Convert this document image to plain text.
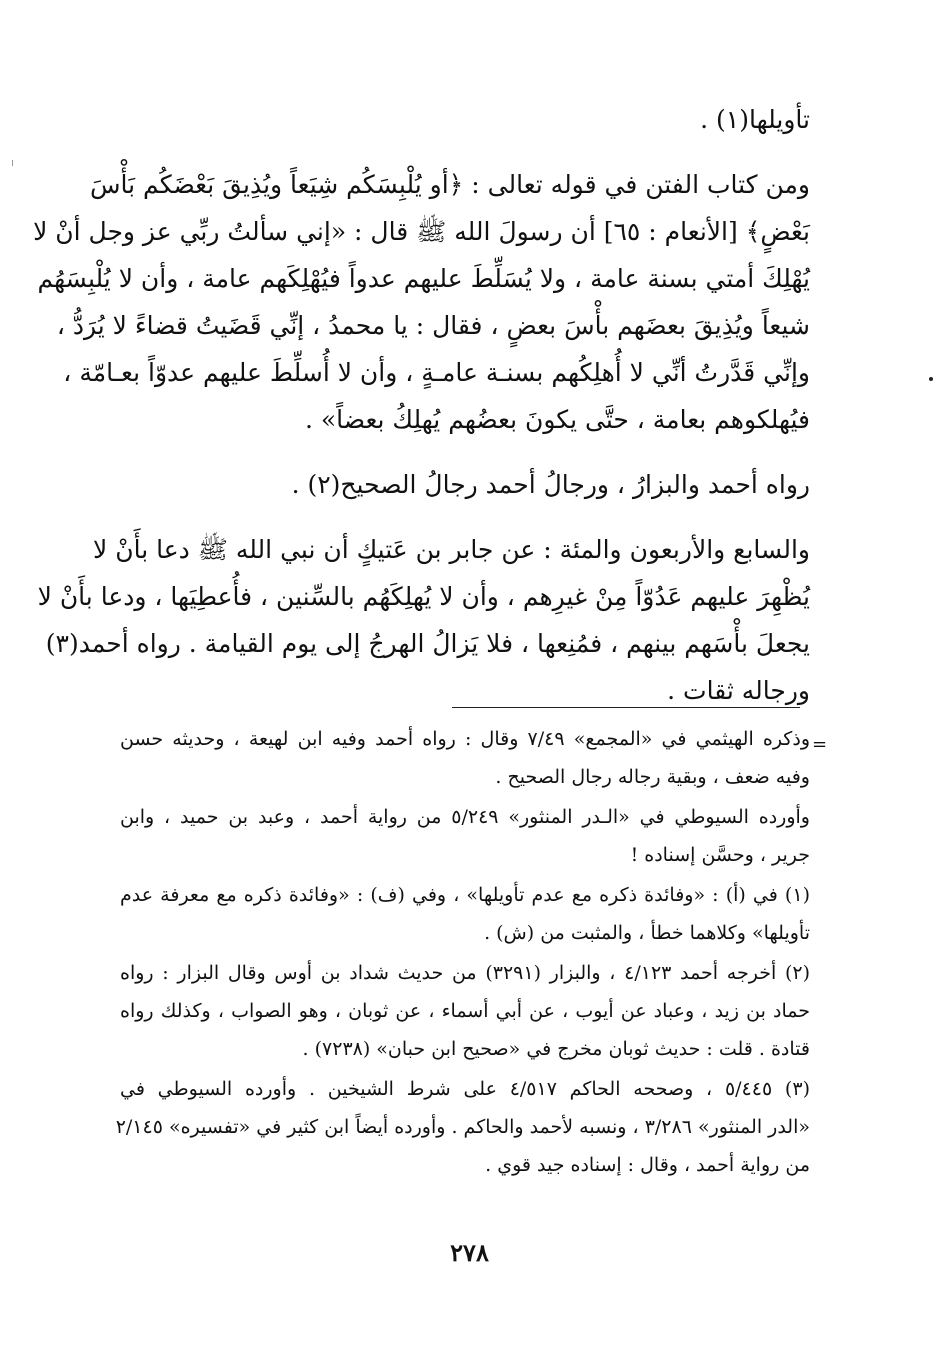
تأويلها(١) .
ومن كتاب الفتن في قوله تعالى : ﴿أو يُلْبِسَكُم شِيَعاً ويُذِيقَ بَعْضَكُم بَأْسَ
بَعْضٍ﴾ [الأنعام : ٦٥] أن رسولَ الله ﷺ قال : «إني سألتُ ربِّي عز وجل أنْ لا
يُهْلِكَ أمتي بسنة عامة ، ولا يُسَلِّطَ عليهم عدواً فيُهْلِكَهم عامة ، وأن لا يُلْبِسَهُم
شيعاً ويُذِيقَ بعضَهم بأْسَ بعضٍ ، فقال : يا محمدُ ، إنِّي قَضَيتُ قضاءً لا يُرَدُّ ،
وإنِّي قَدَّرتُ أنِّي لا أُهلِكُهم بسنـة عامـةٍ ، وأن لا أُسلِّطَ عليهم عدوّاً بعـامّة ،
فيُهلكوهم بعامة ، حتَّى يكونَ بعضُهم يُهلِكُ بعضاً» .
رواه أحمد والبزارُ ، ورجالُ أحمد رجالُ الصحيح(٢) .
والسابع والأربعون والمئة : عن جابر بن عَتيكٍ أن نبي الله ﷺ دعا بأَنْ لا
يُظْهِرَ عليهم عَدُوّاً مِنْ غيرِهم ، وأن لا يُهلِكَهُم بالسِّنين ، فأُعطِيَها ، ودعا بأَنْ لا
يجعلَ بأْسَهم بينهم ، فمُنِعها ، فلا يَزالُ الهرجُ إلى يوم القيامة . رواه أحمد(٣)
ورجاله ثقات .
=
وذكره الهيثمي في «المجمع» ٧/٤٩ وقال : رواه أحمد وفيه ابن لهيعة ، وحديثه حسن
وفيه ضعف ، وبقية رجاله رجال الصحيح .
وأورده السيوطي في «الـدر المنثور» ٥/٢٤٩ من رواية أحمد ، وعبد بن حميد ، وابن
جرير ، وحسَّن إسناده !
(١) في (أ) : «وفائدة ذكره مع عدم تأويلها» ، وفي (ف) : «وفائدة ذكره مع معرفة عدم
تأويلها» وكلاهما خطأ ، والمثبت من (ش) .
(٢) أخرجه أحمد ٤/١٢٣ ، والبزار (٣٢٩١) من حديث شداد بن أوس وقال البزار : رواه
حماد بن زيد ، وعباد عن أيوب ، عن أبي أسماء ، عن ثوبان ، وهو الصواب ، وكذلك رواه
قتادة . قلت : حديث ثوبان مخرج في «صحيح ابن حبان» (٧٢٣٨) .
(٣) ٥/٤٤٥ ، وصححه الحاكم ٤/٥١٧ على شرط الشيخين . وأورده السيوطي في
«الدر المنثور» ٣/٢٨٦ ، ونسبه لأحمد والحاكم . وأورده أيضاً ابن كثير في «تفسيره» ٢/١٤٥
من رواية أحمد ، وقال : إسناده جيد قوي .
٢٧٨
